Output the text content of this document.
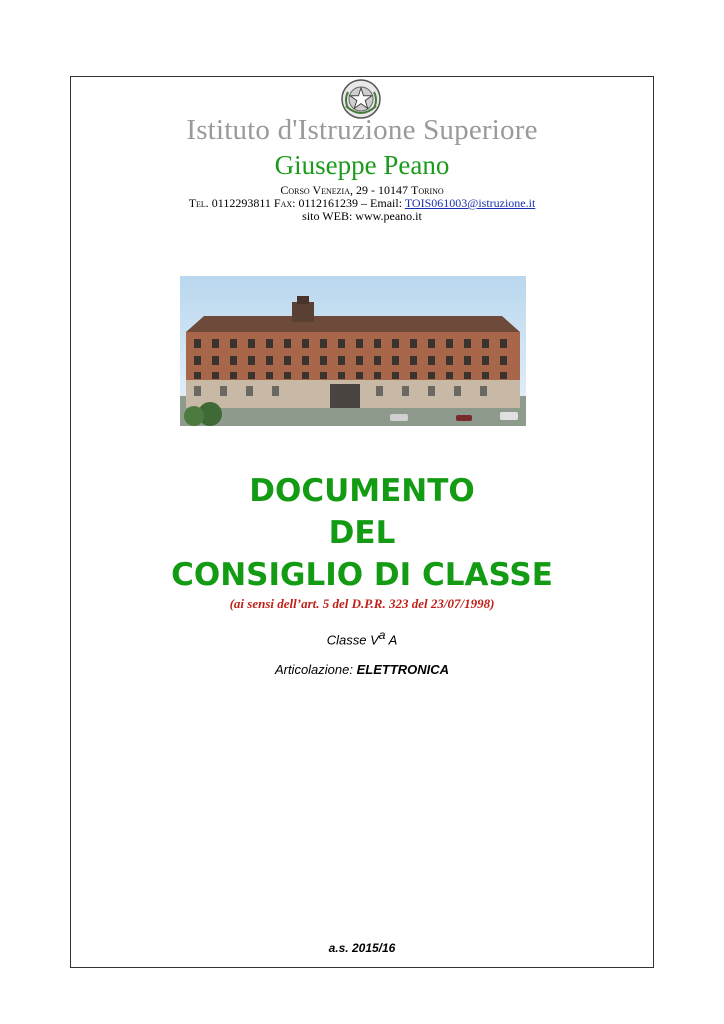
Istituto d'Istruzione Superiore
Giuseppe Peano
Corso Venezia, 29 - 10147 Torino
Tel. 0112293811 Fax: 0112161239 – Email: TOIS061003@istruzione.it
sito WEB: www.peano.it
DOCUMENTO
DEL
CONSIGLIO DI CLASSE
(ai sensi dell’art. 5 del D.P.R. 323 del 23/07/1998)
Classe $V^a$ A
Articolazione: ELETTRONICA
a.s. 2015/16
